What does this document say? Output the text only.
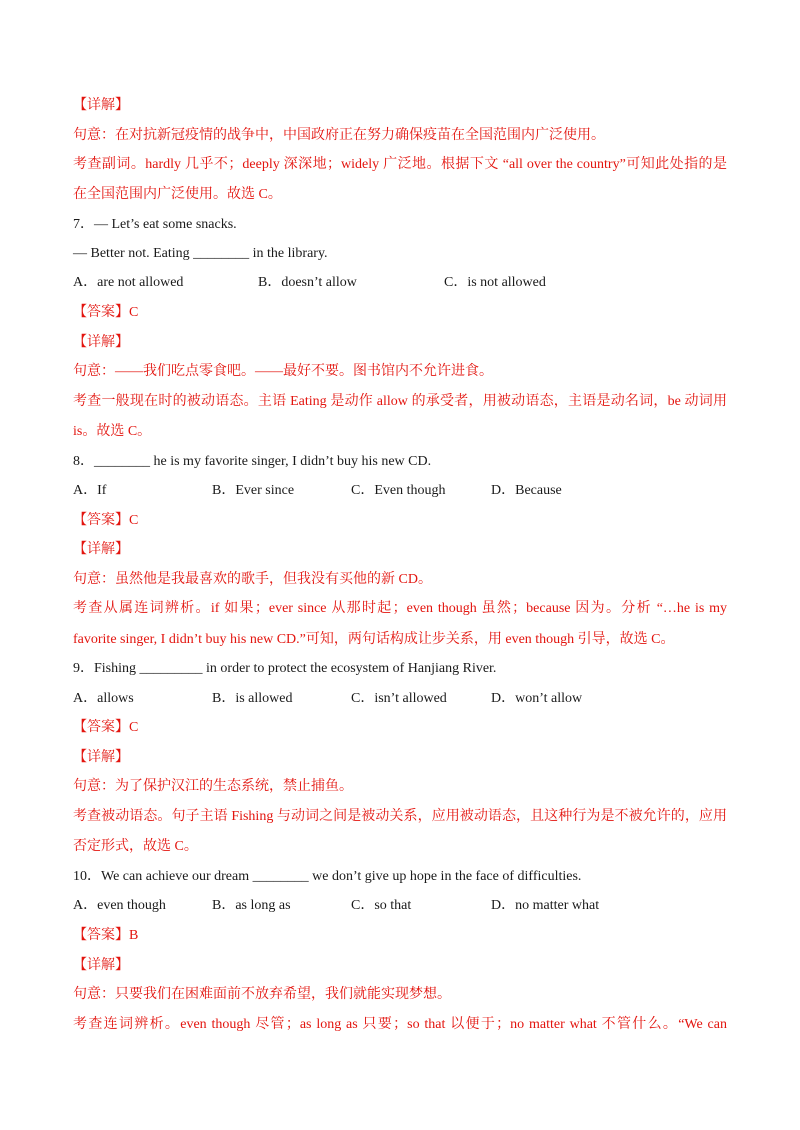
【详解】
句意：在对抗新冠疫情的战争中，中国政府正在努力确保疫苗在全国范围内广泛使用。
考查副词。hardly 几乎不；deeply 深深地；widely 广泛地。根据下文 “all over the country”可知此处指的是
在全国范围内广泛使用。故选 C。
7．— Let’s eat some snacks.
— Better not. Eating ________ in the library.
A．are not allowed	B．doesn’t allow	C．is not allowed
【答案】C
【详解】
句意：——我们吃点零食吧。——最好不要。图书馆内不允许进食。
考查一般现在时的被动语态。主语 Eating 是动作 allow 的承受者，用被动语态，主语是动名词，be 动词用
is。故选 C。
8．________ he is my favorite singer, I didn’t buy his new CD.
A．If	B．Ever since	C．Even though	D．Because
【答案】C
【详解】
句意：虽然他是我最喜欢的歌手，但我没有买他的新 CD。
考查从属连词辨析。if 如果；ever since 从那时起；even though 虽然；because 因为。分析 “…he is my
favorite singer, I didn’t buy his new CD.”可知，两句话构成让步关系，用 even though 引导，故选 C。
9．Fishing _________ in order to protect the ecosystem of Hanjiang River.
A．allows	B．is allowed	C．isn’t allowed	D．won’t allow
【答案】C
【详解】
句意：为了保护汉江的生态系统，禁止捕鱼。
考查被动语态。句子主语 Fishing 与动词之间是被动关系，应用被动语态，且这种行为是不被允许的，应用
否定形式，故选 C。
10．We can achieve our dream ________ we don’t give up hope in the face of difficulties.
A．even though	B．as long as	C．so that	D．no matter what
【答案】B
【详解】
句意：只要我们在困难面前不放弃希望，我们就能实现梦想。
考查连词辨析。even though 尽管；as long as 只要；so that 以便于；no matter what 不管什么。“We can
